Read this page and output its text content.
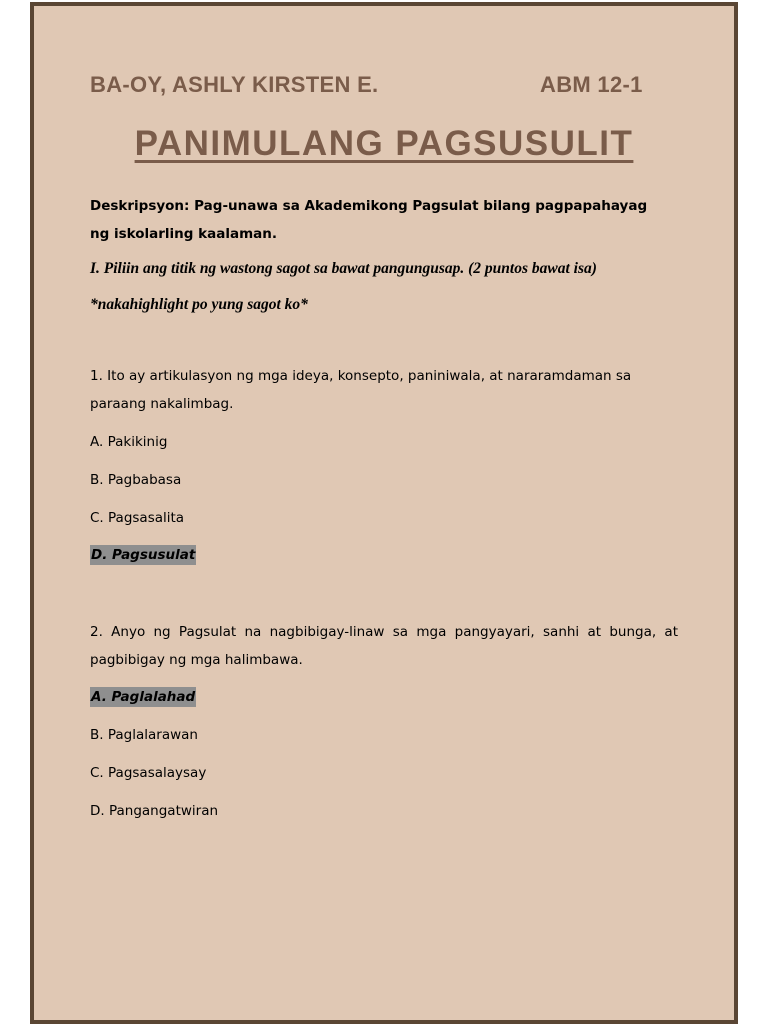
BA-OY, ASHLY KIRSTEN E.	ABM 12-1
PANIMULANG PAGSUSULIT
Deskripsyon: Pag-unawa sa Akademikong Pagsulat bilang pagpapahayag ng iskolarling kaalaman.
I. Piliin ang titik ng wastong sagot sa bawat pangungusap. (2 puntos bawat isa)
*nakahighlight po yung sagot ko*
1. Ito ay artikulasyon ng mga ideya, konsepto, paniniwala, at nararamdaman sa paraang nakalimbag.
A. Pakikinig
B. Pagbabasa
C. Pagsasalita
D. Pagsusulat
2. Anyo ng Pagsulat na nagbibigay-linaw sa mga pangyayari, sanhi at bunga, at pagbibigay ng mga halimbawa.
A. Paglalahad
B. Paglalarawan
C. Pagsasalaysay
D. Pangangatwiran
